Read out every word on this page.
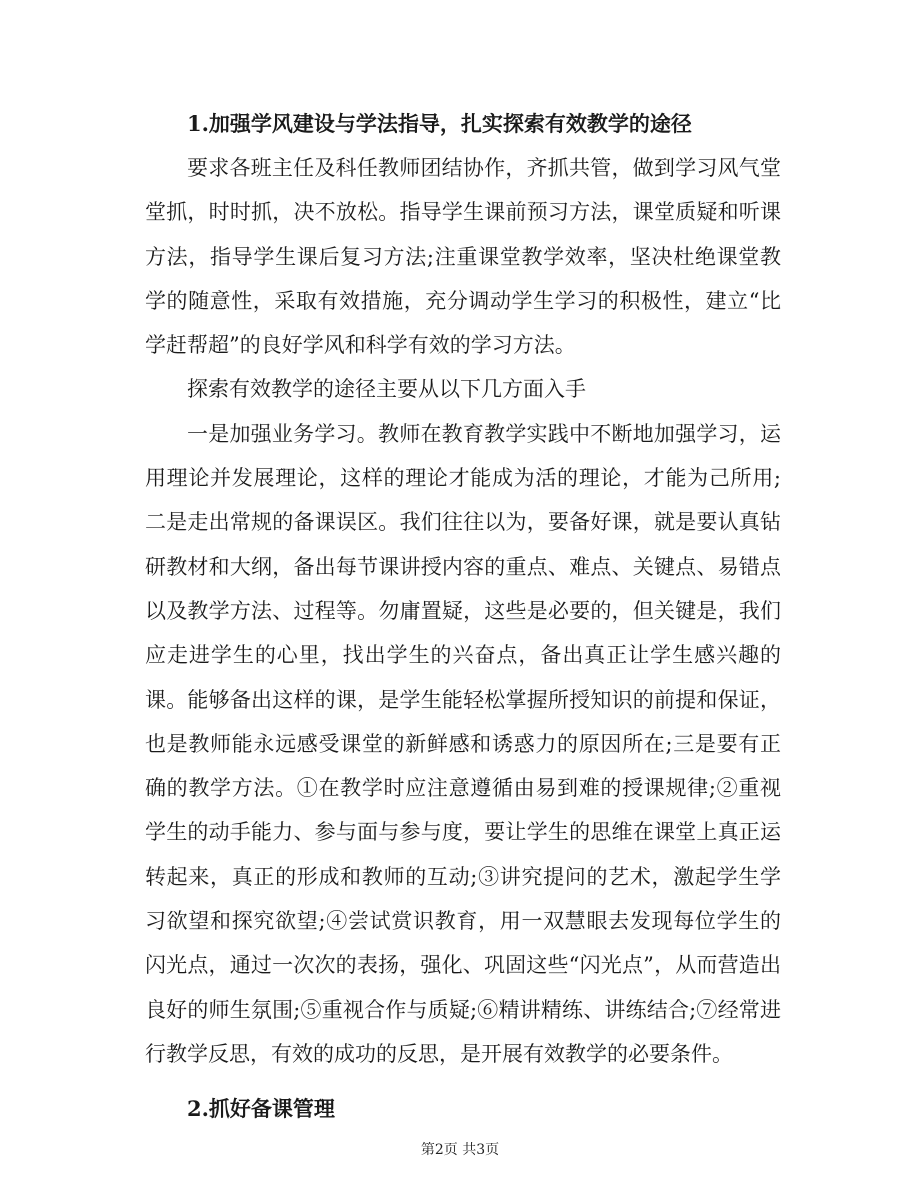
1.加强学风建设与学法指导，扎实探索有效教学的途径

要求各班主任及科任教师团结协作，齐抓共管，做到学习风气堂堂抓，时时抓，决不放松。指导学生课前预习方法，课堂质疑和听课方法，指导学生课后复习方法;注重课堂教学效率，坚决杜绝课堂教学的随意性，采取有效措施，充分调动学生学习的积极性，建立“比学赶帮超”的良好学风和科学有效的学习方法。

探索有效教学的途径主要从以下几方面入手

一是加强业务学习。教师在教育教学实践中不断地加强学习，运用理论并发展理论，这样的理论才能成为活的理论，才能为己所用;二是走出常规的备课误区。我们往往以为，要备好课，就是要认真钻研教材和大纲，备出每节课讲授内容的重点、难点、关键点、易错点以及教学方法、过程等。勿庸置疑，这些是必要的，但关键是，我们应走进学生的心里，找出学生的兴奋点，备出真正让学生感兴趣的课。能够备出这样的课，是学生能轻松掌握所授知识的前提和保证，也是教师能永远感受课堂的新鲜感和诱惑力的原因所在;三是要有正确的教学方法。①在教学时应注意遵循由易到难的授课规律;②重视学生的动手能力、参与面与参与度，要让学生的思维在课堂上真正运转起来，真正的形成和教师的互动;③讲究提问的艺术，激起学生学习欲望和探究欲望;④尝试赏识教育，用一双慧眼去发现每位学生的闪光点，通过一次次的表扬，强化、巩固这些“闪光点”，从而营造出良好的师生氛围;⑤重视合作与质疑;⑥精讲精练、讲练结合;⑦经常进行教学反思，有效的成功的反思，是开展有效教学的必要条件。

2.抓好备课管理

第2页 共3页
